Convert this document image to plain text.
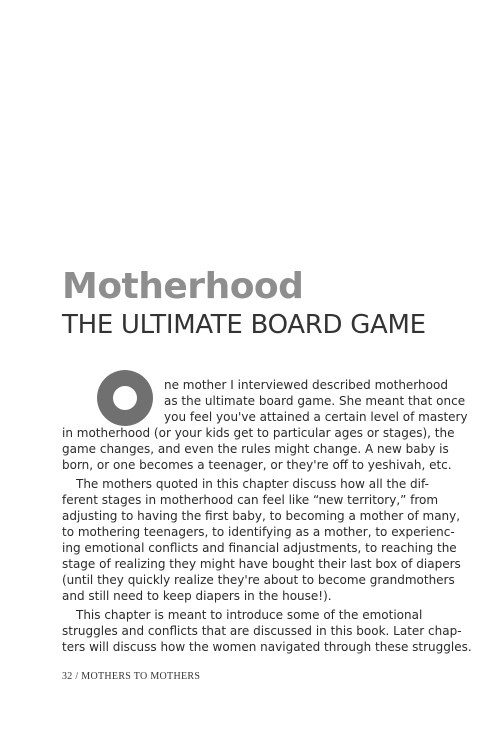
Motherhood
THE ULTIMATE BOARD GAME
ne mother I interviewed described motherhood
as the ultimate board game. She meant that once
you feel you've attained a certain level of mastery
in motherhood (or your kids get to particular ages or stages), the
game changes, and even the rules might change. A new baby is
born, or one becomes a teenager, or they're off to yeshivah, etc.
The mothers quoted in this chapter discuss how all the dif-
ferent stages in motherhood can feel like “new territory,” from
adjusting to having the first baby, to becoming a mother of many,
to mothering teenagers, to identifying as a mother, to experienc-
ing emotional conflicts and financial adjustments, to reaching the
stage of realizing they might have bought their last box of diapers
(until they quickly realize they're about to become grandmothers
and still need to keep diapers in the house!).
This chapter is meant to introduce some of the emotional
struggles and conflicts that are discussed in this book. Later chap-
ters will discuss how the women navigated through these struggles.
32 / MOTHERS TO MOTHERS
